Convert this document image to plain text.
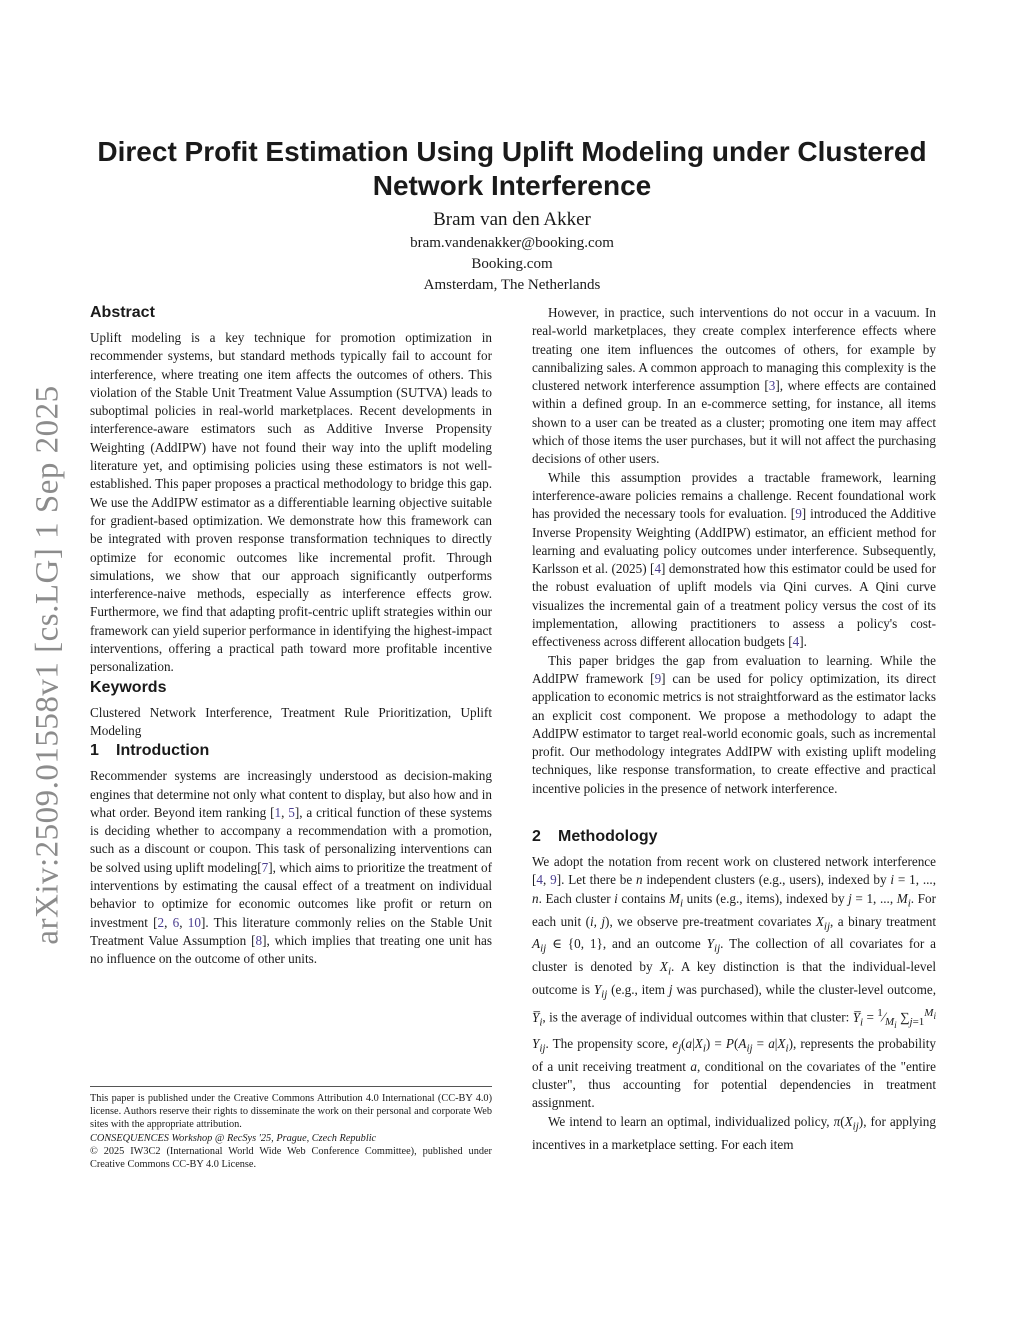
arXiv:2509.01558v1 [cs.LG] 1 Sep 2025
Direct Profit Estimation Using Uplift Modeling under Clustered Network Interference
Bram van den Akker
bram.vandenakker@booking.com
Booking.com
Amsterdam, The Netherlands
Abstract

Uplift modeling is a key technique for promotion optimization in recommender systems, but standard methods typically fail to account for interference, where treating one item affects the outcomes of others. This violation of the Stable Unit Treatment Value Assumption (SUTVA) leads to suboptimal policies in real-world marketplaces. Recent developments in interference-aware estimators such as Additive Inverse Propensity Weighting (AddIPW) have not found their way into the uplift modeling literature yet, and optimising policies using these estimators is not well-established. This paper proposes a practical methodology to bridge this gap. We use the AddIPW estimator as a differentiable learning objective suitable for gradient-based optimization. We demonstrate how this framework can be integrated with proven response transformation techniques to directly optimize for economic outcomes like incremental profit. Through simulations, we show that our approach significantly outperforms interference-naive methods, especially as interference effects grow. Furthermore, we find that adapting profit-centric uplift strategies within our framework can yield superior performance in identifying the highest-impact interventions, offering a practical path toward more profitable incentive personalization.

Keywords

Clustered Network Interference, Treatment Rule Prioritization, Uplift Modeling

1 Introduction

Recommender systems are increasingly understood as decision-making engines that determine not only what content to display, but also how and in what order. Beyond item ranking [1, 5], a critical function of these systems is deciding whether to accompany a recommendation with a promotion, such as a discount or coupon. This task of personalizing interventions can be solved using uplift modeling[7], which aims to prioritize the treatment of interventions by estimating the causal effect of a treatment on individual behavior to optimize for economic outcomes like profit or return on investment [2, 6, 10]. This literature commonly relies on the Stable Unit Treatment Value Assumption [8], which implies that treating one unit has no influence on the outcome of other units.

This paper is published under the Creative Commons Attribution 4.0 International (CC-BY 4.0) license. Authors reserve their rights to disseminate the work on their personal and corporate Web sites with the appropriate attribution.

CONSEQUENCES Workshop @ RecSys '25, Prague, Czech Republic

© 2025 IW3C2 (International World Wide Web Conference Committee), published under Creative Commons CC-BY 4.0 License.

However, in practice, such interventions do not occur in a vacuum. In real-world marketplaces, they create complex interference effects where treating one item influences the outcomes of others, for example by cannibalizing sales. A common approach to managing this complexity is the clustered network interference assumption [3], where effects are contained within a defined group. In an e-commerce setting, for instance, all items shown to a user can be treated as a cluster; promoting one item may affect which of those items the user purchases, but it will not affect the purchasing decisions of other users.

While this assumption provides a tractable framework, learning interference-aware policies remains a challenge. Recent foundational work has provided the necessary tools for evaluation. [9] introduced the Additive Inverse Propensity Weighting (AddIPW) estimator, an efficient method for learning and evaluating policy outcomes under interference. Subsequently, Karlsson et al. (2025) [4] demonstrated how this estimator could be used for the robust evaluation of uplift models via Qini curves. A Qini curve visualizes the incremental gain of a treatment policy versus the cost of its implementation, allowing practitioners to assess a policy's cost-effectiveness across different allocation budgets [4].

This paper bridges the gap from evaluation to learning. While the AddIPW framework [9] can be used for policy optimization, its direct application to economic metrics is not straightforward as the estimator lacks an explicit cost component. We propose a methodology to adapt the AddIPW estimator to target real-world economic goals, such as incremental profit. Our methodology integrates AddIPW with existing uplift modeling techniques, like response transformation, to create effective and practical incentive policies in the presence of network interference.

2 Methodology

We adopt the notation from recent work on clustered network interference [4, 9]. Let there be n independent clusters (e.g., users), indexed by i = 1, ..., n. Each cluster i contains $M_i$ units (e.g., items), indexed by j = 1, ..., $M_i$. For each unit (i, j), we observe pre-treatment covariates $X_{ij}$, a binary treatment $A_{ij}$ ∈ {0, 1}, and an outcome $Y_{ij}$. The collection of all covariates for a cluster is denoted by $X_i$. A key distinction is that the individual-level outcome is $Y_{ij}$ (e.g., item j was purchased), while the cluster-level outcome, $Y̅_i$, is the average of individual outcomes within that cluster: $Y̅_i$ = $^1⁄_{M_i}$ $\sum_{j=1}^{M_i}$ $Y_{ij}$. The propensity score, $e_j(a|X_i) = P(A_{ij} = a|X_i)$, represents the probability of a unit receiving treatment a, conditional on the covariates of the "entire cluster", thus accounting for potential dependencies in treatment assignment.

We intend to learn an optimal, individualized policy, $\pi(X_{ij})$, for applying incentives in a marketplace setting. For each item
